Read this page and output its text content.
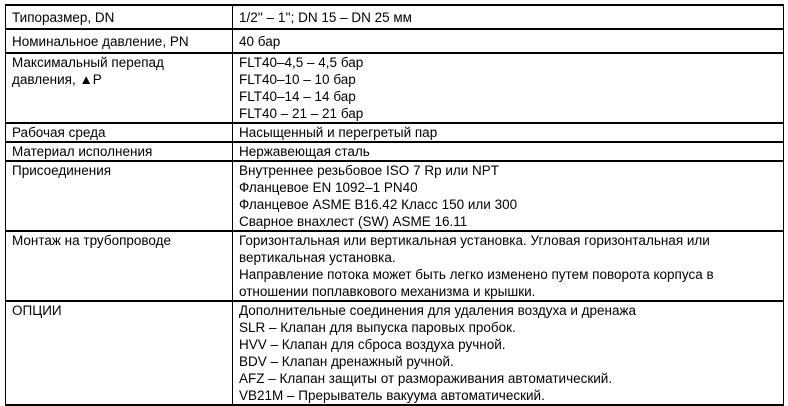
Типоразмер, DN	1/2'' – 1''; DN 15 – DN 25 мм

Номинальное давление, PN	40 бар

Максимальный перепад давления, ▲P	FLT40–4,5 – 4,5 бар
FLT40–10 – 10 бар
FLT40–14 – 14 бар
FLT40 – 21 – 21 бар

Рабочая среда	Насыщенный и перегретый пар

Материал исполнения	Нержавеющая сталь

Присоединения	Внутреннее резьбовое ISO 7 Rp или NPT
Фланцевое EN 1092–1 PN40
Фланцевое ASME B16.42 Класс 150 или 300
Сварное внахлест (SW) ASME 16.11

Монтаж на трубопроводе	Горизонтальная или вертикальная установка. Угловая горизонтальная или вертикальная установка.
Направление потока может быть легко изменено путем поворота корпуса в отношении поплавкового механизма и крышки.

ОПЦИИ	Дополнительные соединения для удаления воздуха и дренажа
SLR – Клапан для выпуска паровых пробок.
HVV – Клапан для сброса воздуха ручной.
BDV – Клапан дренажный ручной.
AFZ – Клапан защиты от размораживания автоматический.
VB21M – Прерыватель вакуума автоматический.
